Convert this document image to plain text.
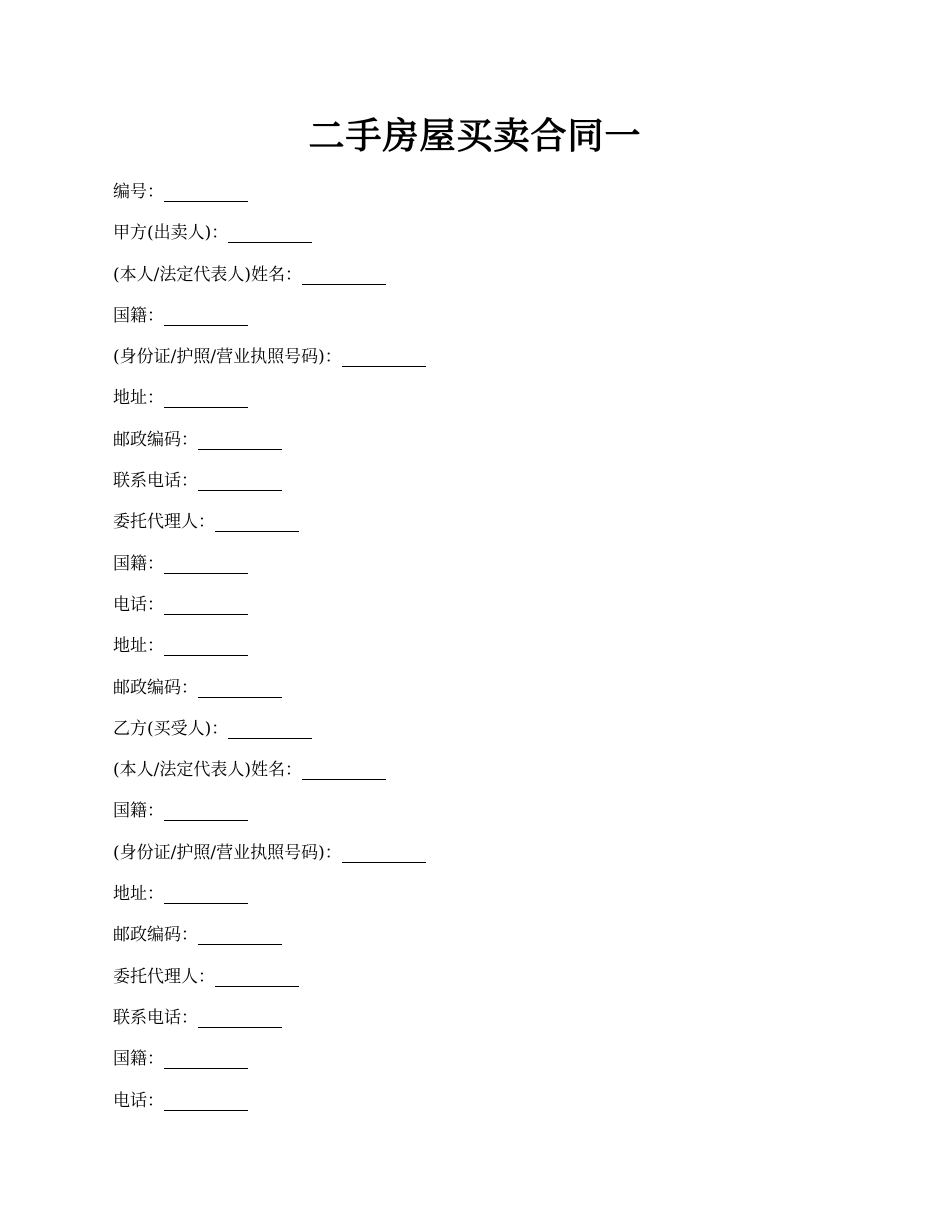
二手房屋买卖合同一
编号：
甲方(出卖人)：
(本人/法定代表人)姓名：
国籍：
(身份证/护照/营业执照号码)：
地址：
邮政编码：
联系电话：
委托代理人：
国籍：
电话：
地址：
邮政编码：
乙方(买受人)：
(本人/法定代表人)姓名：
国籍：
(身份证/护照/营业执照号码)：
地址：
邮政编码：
委托代理人：
联系电话：
国籍：
电话：
